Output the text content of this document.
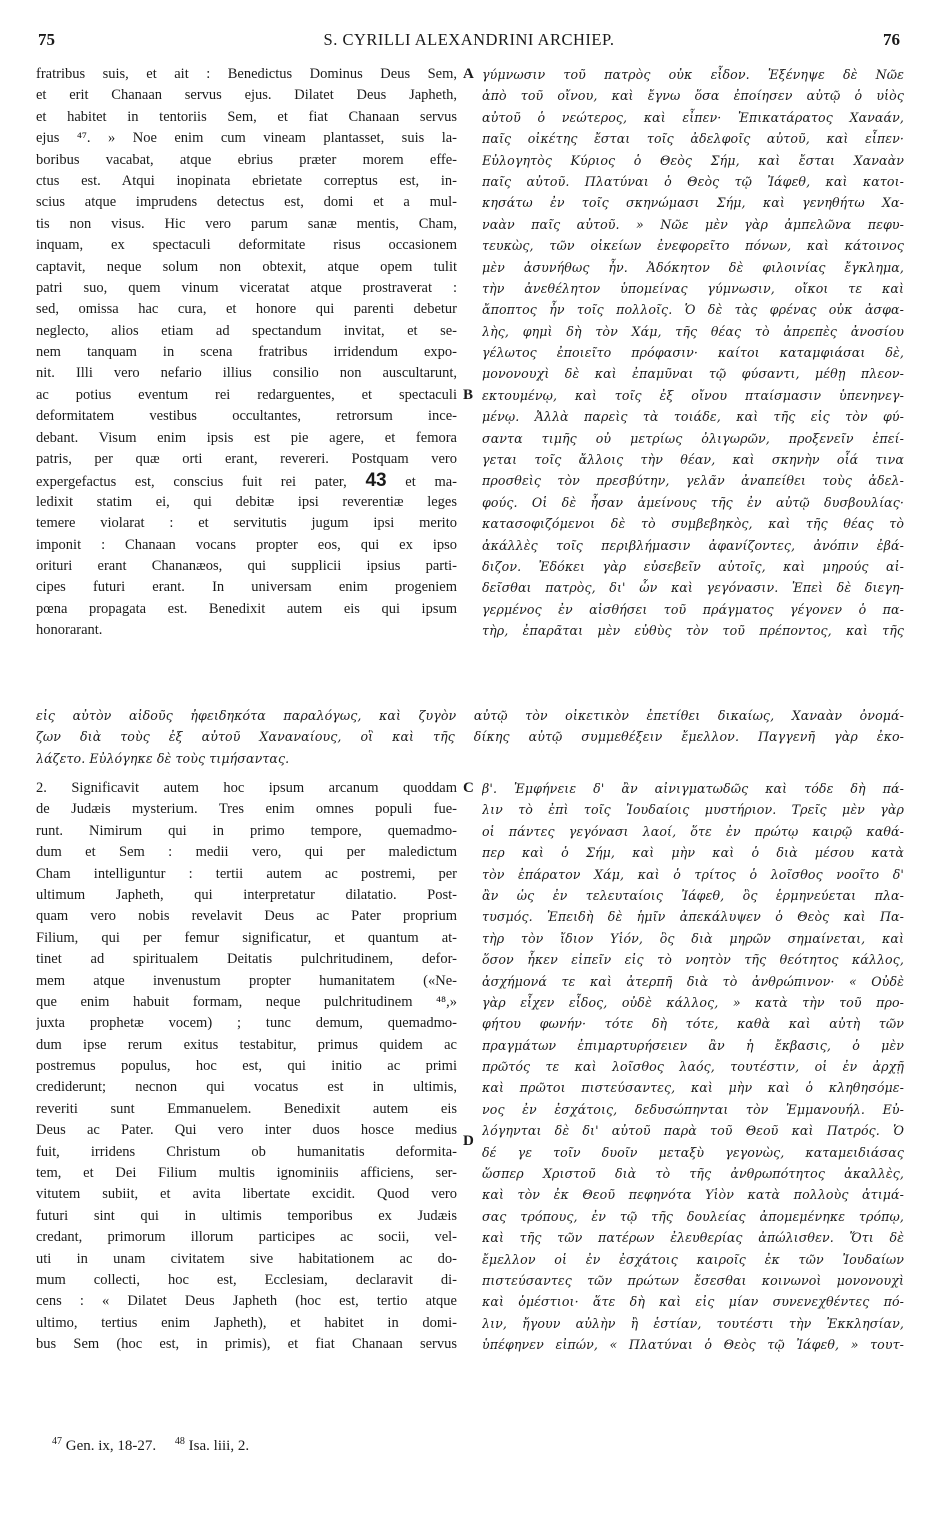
75	S. CYRILLI ALEXANDRINI ARCHIEP.	76
fratribus suis, et ait : Benedictus Dominus Deus Sem,
et erit Chanaan servus ejus. Dilatet Deus Japheth,
et habitet in tentoriis Sem, et fiat Chanaan servus
ejus ⁴⁷. » Noe enim cum vineam plantasset, suis la-
boribus vacabat, atque ebrius præter morem effe-
ctus est. Atqui inopinata ebrietate correptus est, in-
scius atque imprudens detectus est, domi et a mul-
tis non visus. Hic vero parum sanæ mentis, Cham,
inquam, ex spectaculi deformitate risus occasionem
captavit, neque solum non obtexit, atque opem tulit
patri suo, quem vinum viceratat atque prostraverat :
sed, omissa hac cura, et honore qui parenti debetur
neglecto, alios etiam ad spectandum invitat, et se-
nem tanquam in scena fratribus irridendum expo-
nit. Illi vero nefario illius consilio non auscultarunt,
ac potius eventum rei redarguentes, et spectaculi
deformitatem vestibus occultantes, retrorsum ince-
debant. Visum enim ipsis est pie agere, et femora
patris, per quæ orti erant, revereri. Postquam vero
expergefactus est, conscius fuit rei pater, 43 et ma-
ledixit statim ei, qui debitæ ipsi reverentiæ leges
temere violarat : et servitutis jugum ipsi merito
imponit : Chanaan vocans propter eos, qui ex ipso
orituri erant Chananæos, qui supplicii ipsius parti-
cipes futuri erant. In universam enim progeniem
pœna propagata est. Benedixit autem eis qui ipsum
honorarant.
γύμνωσιν τοῦ πατρὸς οὐκ εἶδον. Ἐξένηψε δὲ Νῶε
ἀπὸ τοῦ οἴνου, καὶ ἔγνω ὅσα ἐποίησεν αὐτῷ ὁ υἱὸς
αὐτοῦ ὁ νεώτερος, καὶ εἶπεν· Ἐπικατάρατος Χαναάν,
παῖς οἰκέτης ἔσται τοῖς ἀδελφοῖς αὐτοῦ, καὶ εἶπεν·
Εὐλογητὸς Κύριος ὁ Θεὸς Σήμ, καὶ ἔσται Χαναὰν
παῖς αὐτοῦ. Πλατύναι ὁ Θεὸς τῷ Ἰάφεθ, καὶ κατοι-
κησάτω ἐν τοῖς σκηνώμασι Σήμ, καὶ γενηθήτω Χα-
ναὰν παῖς αὐτοῦ. » Νῶε μὲν γὰρ ἀμπελῶνα πεφυ-
τευκὼς, τῶν οἰκείων ἐνεφορεῖτο πόνων, καὶ κάτοινος
μὲν ἀσυνήθως ἦν. Ἀδόκητον δὲ φιλοινίας ἔγκλημα,
τὴν ἀνεθέλητον ὑπομείνας γύμνωσιν, οἴκοι τε καὶ
ἄποπτος ἦν τοῖς πολλοῖς. Ὁ δὲ τὰς φρένας οὐκ ἀσφα-
λὴς, φημὶ δὴ τὸν Χάμ, τῆς θέας τὸ ἀπρεπὲς ἀνοσίου
γέλωτος ἐποιεῖτο πρόφασιν· καίτοι καταμφιάσαι δὲ,
μονονουχὶ δὲ καὶ ἐπαμῦναι τῷ φύσαντι, μέθῃ πλεον-
εκτουμένῳ, καὶ τοῖς ἐξ οἴνου πταίσμασιν ὑπενηνεγ-
μένῳ. Ἀλλὰ παρεὶς τὰ τοιάδε, καὶ τῆς εἰς τὸν φύ-
σαντα τιμῆς οὐ μετρίως ὀλιγωρῶν, προξενεῖν ἐπεί-
γεται τοῖς ἄλλοις τὴν θέαν, καὶ σκηνὴν οἷά τινα
προσθεὶς τὸν πρεσβύτην, γελᾶν ἀναπείθει τοὺς ἀδελ-
φούς. Οἱ δὲ ἦσαν ἀμείνους τῆς ἐν αὐτῷ δυσβουλίας·
κατασοφιζόμενοι δὲ τὸ συμβεβηκὸς, καὶ τῆς θέας τὸ
ἀκάλλὲς τοῖς περιβλήμασιν ἀφανίζοντες, ἀνόπιν ἐβά-
διζον. Ἐδόκει γὰρ εὐσεβεῖν αὐτοῖς, καὶ μηρούς αἰ-
δεῖσθαι πατρὸς, δι' ὧν καὶ γεγόνασιν. Ἐπεὶ δὲ διεγη-
γερμένος ἐν αἰσθήσει τοῦ πράγματος γέγονεν ὁ πα-
τὴρ, ἐπαρᾶται μὲν εὐθὺς τὸν τοῦ πρέποντος, καὶ τῆς
A
B
εἰς αὐτὸν αἰδοῦς ἠφειδηκότα παραλόγως, καὶ ζυγὸν αὐτῷ τὸν οἰκετικὸν ἐπετίθει δικαίως, Χαναὰν ὀνομά-
ζων διὰ τοὺς ἐξ αὐτοῦ Χαναναίους, οἳ καὶ τῆς δίκης αὐτῷ συμμεθέξειν ἔμελλον. Παγγενῆ γὰρ ἐκο-
λάζετο. Εὐλόγηκε δὲ τοὺς τιμήσαντας.
C
D
2. Significavit autem hoc ipsum arcanum quoddam
de Judæis mysterium. Tres enim omnes populi fue-
runt. Nimirum qui in primo tempore, quemadmo-
dum et Sem : medii vero, qui per maledictum
Cham intelliguntur : tertii autem ac postremi, per
ultimum Japheth, qui interpretatur dilatatio. Post-
quam vero nobis revelavit Deus ac Pater proprium
Filium, qui per femur significatur, et quantum at-
tinet ad spiritualem Deitatis pulchritudinem, defor-
mem atque invenustum propter humanitatem («Ne-
que enim habuit formam, neque pulchritudinem ⁴⁸,»
juxta prophetæ vocem) ; tunc demum, quemadmo-
dum ipse rerum exitus testabitur, primus quidem ac
postremus populus, hoc est, qui initio ac primi
crediderunt; necnon qui vocatus est in ultimis,
reveriti sunt Emmanuelem. Benedixit autem eis
Deus ac Pater. Qui vero inter duos hosce medius
fuit, irridens Christum ob humanitatis deformita-
tem, et Dei Filium multis ignominiis afficiens, ser-
vitutem subiit, et avita libertate excidit. Quod vero
futuri sint qui in ultimis temporibus ex Judæis
credant, primorum illorum participes ac socii, vel-
uti in unam civitatem sive habitationem ac do-
mum collecti, hoc est, Ecclesiam, declaravit di-
cens : « Dilatet Deus Japheth (hoc est, tertio atque
ultimo, tertius enim Japheth), et habitet in domi-
bus Sem (hoc est, in primis), et fiat Chanaan servus
β'. Ἐμφήνειε δ' ἂν αἰνιγματωδῶς καὶ τόδε δὴ πά-
λιν τὸ ἐπὶ τοῖς Ἰουδαίοις μυστήριον. Τρεῖς μὲν γὰρ
οἱ πάντες γεγόνασι λαοί, ὅτε ἐν πρώτῳ καιρῷ καθά-
περ καὶ ὁ Σήμ, καὶ μὴν καὶ ὁ διὰ μέσου κατὰ
τὸν ἐπάρατον Χάμ, καὶ ὁ τρίτος ὁ λοῖσθος νοοῖτο δ'
ἂν ὡς ἐν τελευταίοις Ἰάφεθ, ὃς ἑρμηνεύεται πλα-
τυσμός. Ἐπειδὴ δὲ ἡμῖν ἀπεκάλυψεν ὁ Θεὸς καὶ Πα-
τὴρ τὸν ἴδιον Υἱόν, ὃς διὰ μηρῶν σημαίνεται, καὶ
ὅσον ἧκεν εἰπεῖν εἰς τὸ νοητὸν τῆς θεότητος κάλλος,
ἀσχήμονά τε καὶ ἀτερπῆ διὰ τὸ ἀνθρώπινον· « Οὐδὲ
γὰρ εἶχεν εἶδος, οὐδὲ κάλλος, » κατὰ τὴν τοῦ προ-
φήτου φωνήν· τότε δὴ τότε, καθὰ καὶ αὐτὴ τῶν
πραγμάτων ἐπιμαρτυρήσειεν ἂν ἡ ἔκβασις, ὁ μὲν
πρῶτός τε καὶ λοῖσθος λαός, τουτέστιν, οἱ ἐν ἀρχῇ
καὶ πρῶτοι πιστεύσαντες, καὶ μὴν καὶ ὁ κληθησόμε-
νος ἐν ἐσχάτοις, δεδυσώπηνται τὸν Ἐμμανουήλ. Εὐ-
λόγηνται δὲ δι' αὐτοῦ παρὰ τοῦ Θεοῦ καὶ Πατρός. Ὁ
δέ γε τοῖν δυοῖν μεταξὺ γεγονὼς, καταμειδιάσας
ὥσπερ Χριστοῦ διὰ τὸ τῆς ἀνθρωπότητος ἀκαλλὲς,
καὶ τὸν ἐκ Θεοῦ πεφηνότα Υἱὸν κατὰ πολλοὺς ἀτιμά-
σας τρόπους, ἐν τῷ τῆς δουλείας ἀπομεμένηκε τρόπῳ,
καὶ τῆς τῶν πατέρων ἐλευθερίας ἀπώλισθεν. Ὅτι δὲ
ἔμελλον οἱ ἐν ἐσχάτοις καιροῖς ἐκ τῶν Ἰουδαίων
πιστεύσαντες τῶν πρώτων ἔσεσθαι κοινωνοὶ μονονουχὶ
καὶ ὁμέστιοι· ἅτε δὴ καὶ εἰς μίαν συνενεχθέντες πό-
λιν, ἤγουν αὐλὴν ἢ ἑστίαν, τουτέστι τὴν Ἐκκλησίαν,
ὑπέφηνεν εἰπών, « Πλατύναι ὁ Θεὸς τῷ Ἰάφεθ, » τουτ-
$^{47}$ Gen. ix, 18-27. $^{48}$ Isa. liii, 2.
